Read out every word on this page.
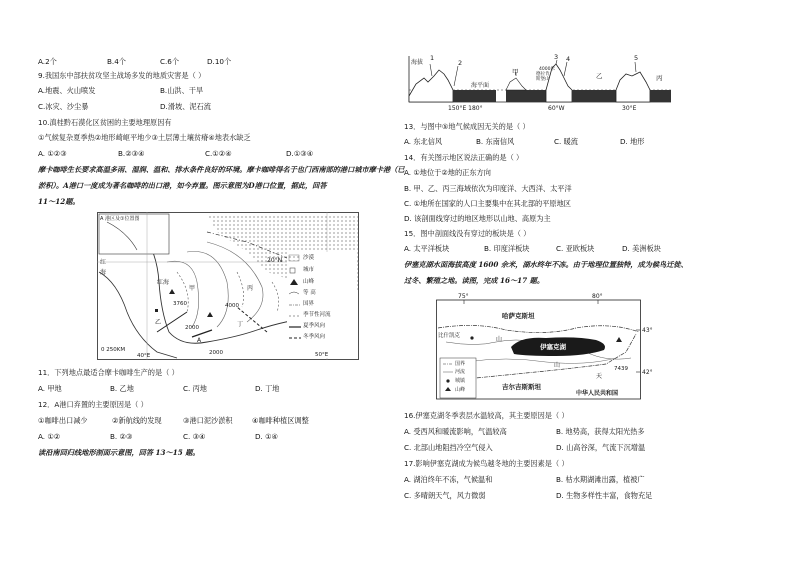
A.2个	B.4个	C.6个	D.10个
9.我国东中部扶贫攻坚主战场多发的地质灾害是（ ）
A.地震、火山喷发	B.山洪、干旱
C.冰灾、沙尘暴	D.滑坡、泥石流
10.滇桂黔石漠化区贫困的主要地理原因有
①气候复杂夏季热②地形崎岖平地少③土层薄土壤贫瘠④地表水缺乏
A. ①②③	B.②③④	C.①②④	D.①③④
摩卡咖啡生长要求高温多雨、湿润、温和、排水条件良好的环境。摩卡咖啡得名于也门西南部的港口城市摩卡港（已
淤积）。A港口一度成为著名咖啡的出口港，如今弃置。图示意图为D港口位置，据此，回答
11～12题。
A 港区及①位置图
红
海
红海
20°N
40°E	50°E
0 250KM
3760	4000
2000
2000
A
乙
丙
丁
甲
沙漠
城市
山峰
等 高
国界
季节性河流
夏季风向
冬季风向
11．下列地点最适合摩卡咖啡生产的是（ ）
A. 甲地	B. 乙地	C. 丙地	D. 丁地
12．A港口弃置的主要原因是（ ）
①咖啡出口减少	②新航线的发现	③港口泥沙淤积	④咖啡种植区调整
A. ①②	B. ②③	C. ③④	D. ①④
读沿南回归线地形剖面示意图，回答 13～15 题。
海拔
海平面
1
2
3 4	5
甲	乙	丙
4000米
德拉肯斯堡山
150°E 180°	60°W	30°E
13．与图中⑤地气候成因无关的是（ ）
A. 东北信风	B. 东南信风	C. 暖流	D. 地形
14．有关图示地区说法正确的是（ ）
A. ①地位于②地的正东方向
B. 甲、乙、丙三海域依次为印度洋、大西洋、太平洋
C. ①地所在国家的人口主要集中在其北部的平原地区
D. 该剖面线穿过的地区地形以山地、高原为主
15．图中剖面线没有穿过的板块是（ ）
A. 太平洋板块	B. 印度洋板块	C. 亚欧板块	D. 美洲板块
伊塞克湖水面海拔高度 1600 余米，湖水终年不冻。由于地理位置独特，成为候鸟迁徙、
过冬、繁殖之地。读图，完成 16～17 题。
75°	80°
43°
42°
哈萨克斯坦
伊塞克湖
吉尔吉斯斯坦
中华人民共和国
比什凯克	山
山	7439
天
国界
河流
城镇
山峰
16.伊塞克湖冬季表层水温较高，其主要原因是（ ）
A. 受西风和暖流影响，气温较高	B. 地势高，获得太阳光热多
C. 北部山地阻挡冷空气侵入	D. 山高谷深，气流下沉增温
17.影响伊塞克湖成为候鸟越冬地的主要因素是（ ）
A. 湖泊终年不冻，气候温和	B. 枯水期湖滩出露，植被广
C. 多晴朗天气，风力微弱	D. 生物多样性丰富，食物充足
